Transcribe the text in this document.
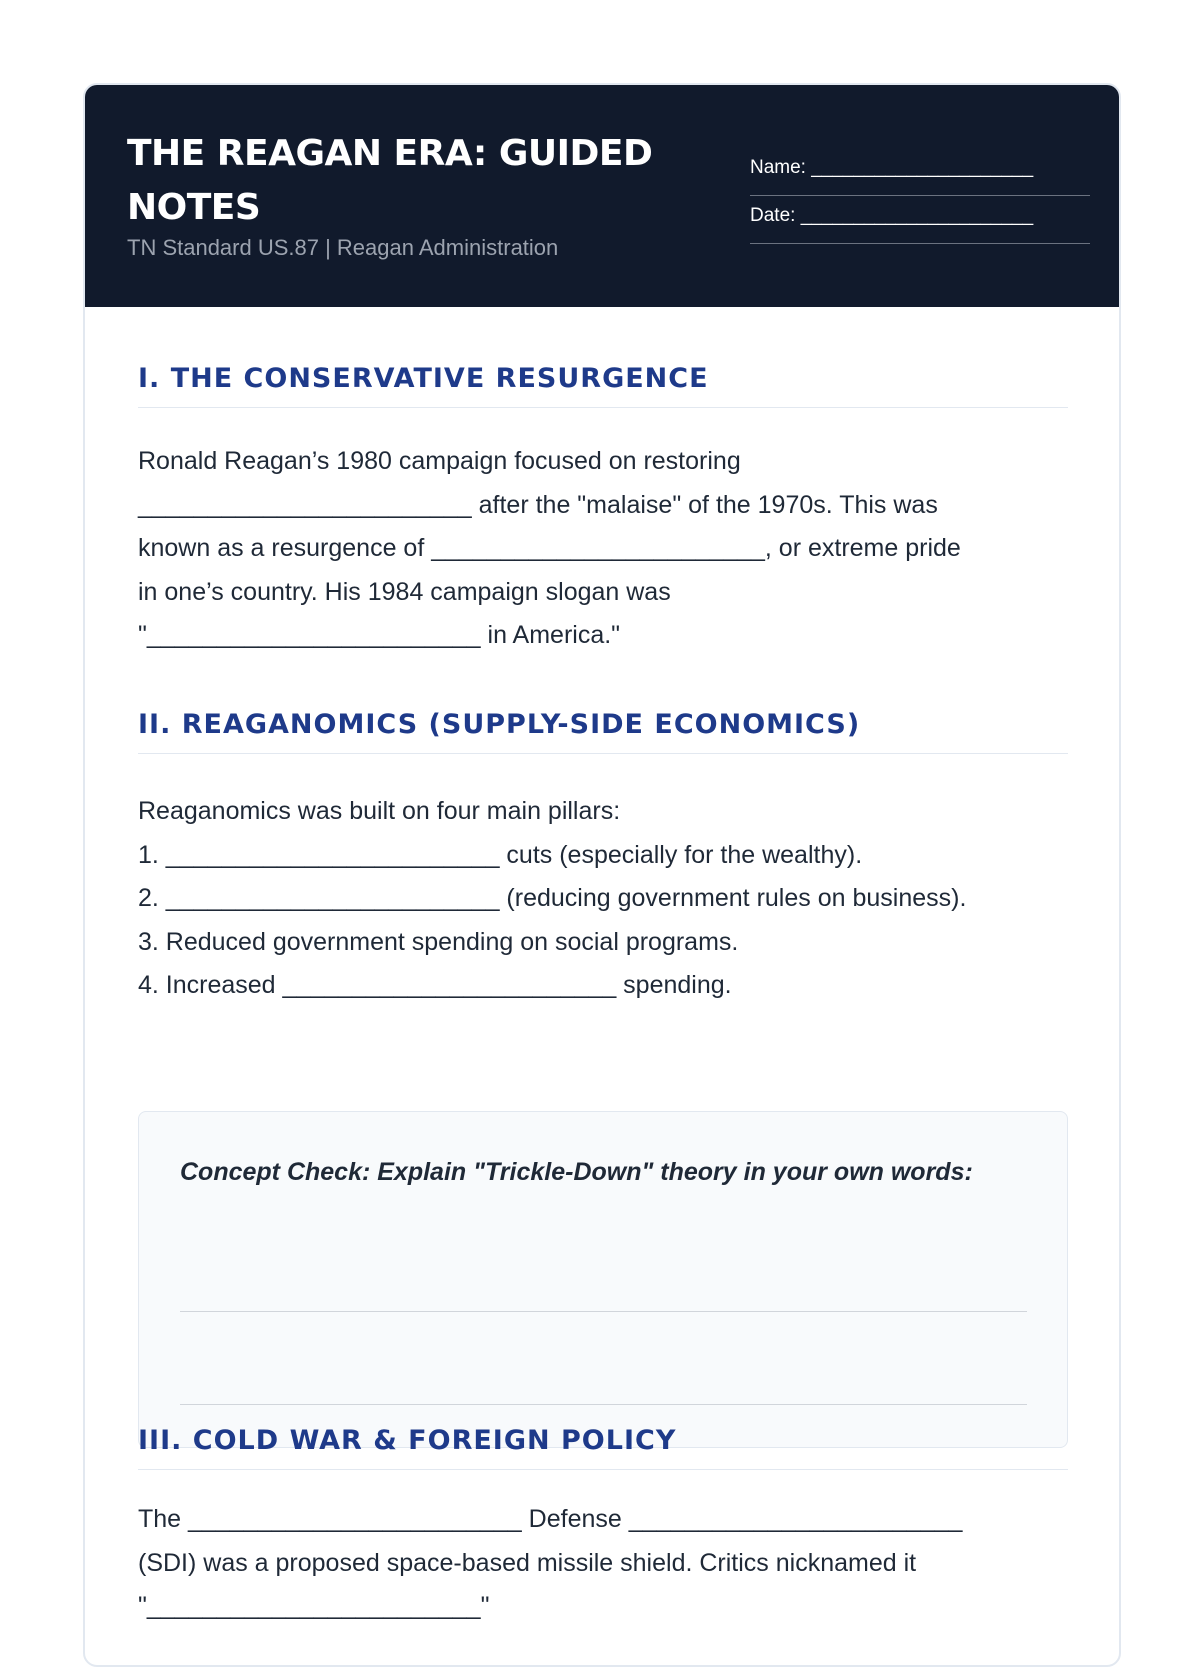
THE REAGAN ERA: GUIDED NOTES
TN Standard US.87 | Reagan Administration
Name: _____________________
Date: ______________________
I. THE CONSERVATIVE RESURGENCE

Ronald Reagan’s 1980 campaign focused on restoring
________________________ after the "malaise" of the 1970s. This was
known as a resurgence of ________________________, or extreme pride
in one’s country. His 1984 campaign slogan was
"________________________ in America."

II. REAGANOMICS (SUPPLY-SIDE ECONOMICS)

Reaganomics was built on four main pillars:
1. ________________________ cuts (especially for the wealthy).
2. ________________________ (reducing government rules on business).
3. Reduced government spending on social programs.
4. Increased ________________________ spending.

Concept Check: Explain "Trickle-Down" theory in your own words:

III. COLD WAR & FOREIGN POLICY

The ________________________ Defense ________________________
(SDI) was a proposed space-based missile shield. Critics nicknamed it
"________________________"
